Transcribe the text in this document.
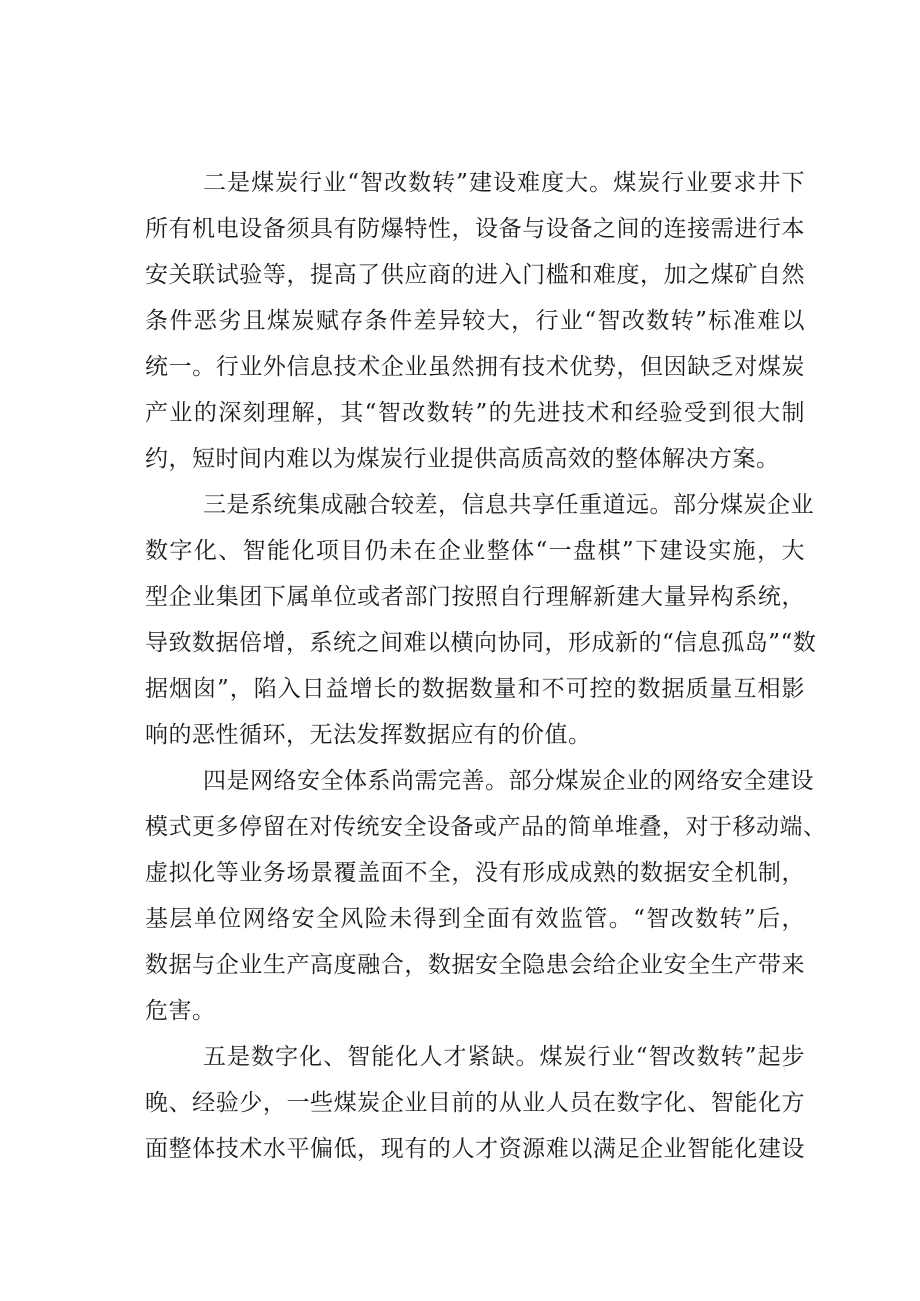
二是煤炭行业“智改数转”建设难度大。煤炭行业要求井下
所有机电设备须具有防爆特性，设备与设备之间的连接需进行本
安关联试验等，提高了供应商的进入门槛和难度，加之煤矿自然
条件恶劣且煤炭赋存条件差异较大，行业“智改数转”标准难以
统一。行业外信息技术企业虽然拥有技术优势，但因缺乏对煤炭
产业的深刻理解，其“智改数转”的先进技术和经验受到很大制
约，短时间内难以为煤炭行业提供高质高效的整体解决方案。
三是系统集成融合较差，信息共享任重道远。部分煤炭企业
数字化、智能化项目仍未在企业整体“一盘棋”下建设实施，大
型企业集团下属单位或者部门按照自行理解新建大量异构系统，
导致数据倍增，系统之间难以横向协同，形成新的“信息孤岛”“数
据烟囱”，陷入日益增长的数据数量和不可控的数据质量互相影
响的恶性循环，无法发挥数据应有的价值。
四是网络安全体系尚需完善。部分煤炭企业的网络安全建设
模式更多停留在对传统安全设备或产品的简单堆叠，对于移动端、
虚拟化等业务场景覆盖面不全，没有形成成熟的数据安全机制，
基层单位网络安全风险未得到全面有效监管。“智改数转”后，
数据与企业生产高度融合，数据安全隐患会给企业安全生产带来
危害。
五是数字化、智能化人才紧缺。煤炭行业“智改数转”起步
晚、经验少，一些煤炭企业目前的从业人员在数字化、智能化方
面整体技术水平偏低，现有的人才资源难以满足企业智能化建设
